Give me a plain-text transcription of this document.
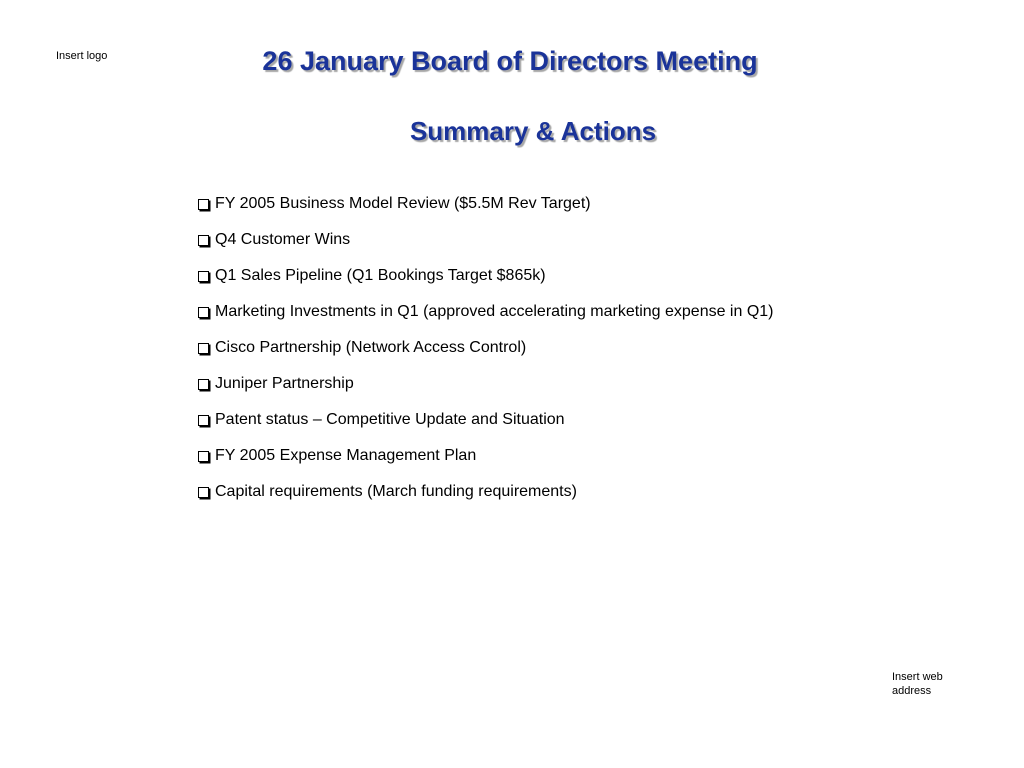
Insert logo	26 January Board of Directors Meeting
Summary & Actions
FY 2005 Business Model Review ($5.5M Rev Target)
Q4 Customer Wins
Q1 Sales Pipeline (Q1 Bookings Target $865k)
Marketing Investments in Q1 (approved accelerating marketing expense in Q1)
Cisco Partnership (Network Access Control)
Juniper Partnership
Patent status – Competitive Update and Situation
FY 2005 Expense Management Plan
Capital requirements (March funding requirements)
Insert web address
